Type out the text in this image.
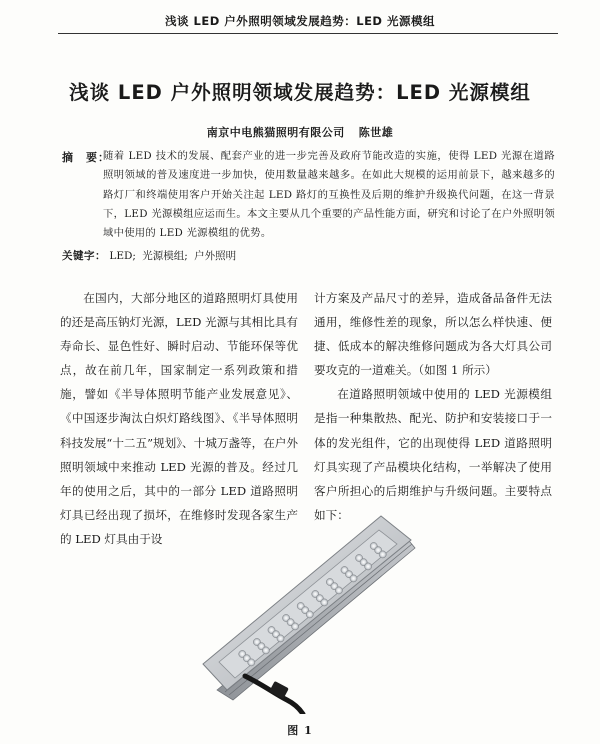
浅谈 LED 户外照明领域发展趋势：LED 光源模组
浅谈 LED 户外照明领域发展趋势：LED 光源模组
南京中电熊猫照明有限公司 陈世雄
摘　要：
随着 LED 技术的发展、配套产业的进一步完善及政府节能改造的实施，使得 LED 光源在道路照明领域的普及速度进一步加快，使用数量越来越多。在如此大规模的运用前景下，越来越多的路灯厂和终端使用客户开始关注起 LED 路灯的互换性及后期的维护升级换代问题，在这一背景下，LED 光源模组应运而生。本文主要从几个重要的产品性能方面，研究和讨论了在户外照明领域中使用的 LED 光源模组的优势。
关键字： LED; 光源模组; 户外照明

在国内，大部分地区的道路照明灯具使用的还是高压钠灯光源，LED 光源与其相比具有寿命长、显色性好、瞬时启动、节能环保等优点，故在前几年，国家制定一系列政策和措施，譬如《半导体照明节能产业发展意见》、《中国逐步淘汰白炽灯路线图》、《半导体照明科技发展“十二五”规划》、十城万盏等，在户外照明领域中来推动 LED 光源的普及。经过几年的使用之后，其中的一部分 LED 道路照明灯具已经出现了损坏，在维修时发现各家生产的 LED 灯具由于设

计方案及产品尺寸的差异，造成备品备件无法通用，维修性差的现象，所以怎么样快速、便捷、低成本的解决维修问题成为各大灯具公司要攻克的一道难关。（如图 1 所示）

在道路照明领域中使用的 LED 光源模组是指一种集散热、配光、防护和安装接口于一体的发光组件，它的出现使得 LED 道路照明灯具实现了产品模块化结构，一举解决了使用客户所担心的后期维护与升级问题。主要特点如下：

图 1
